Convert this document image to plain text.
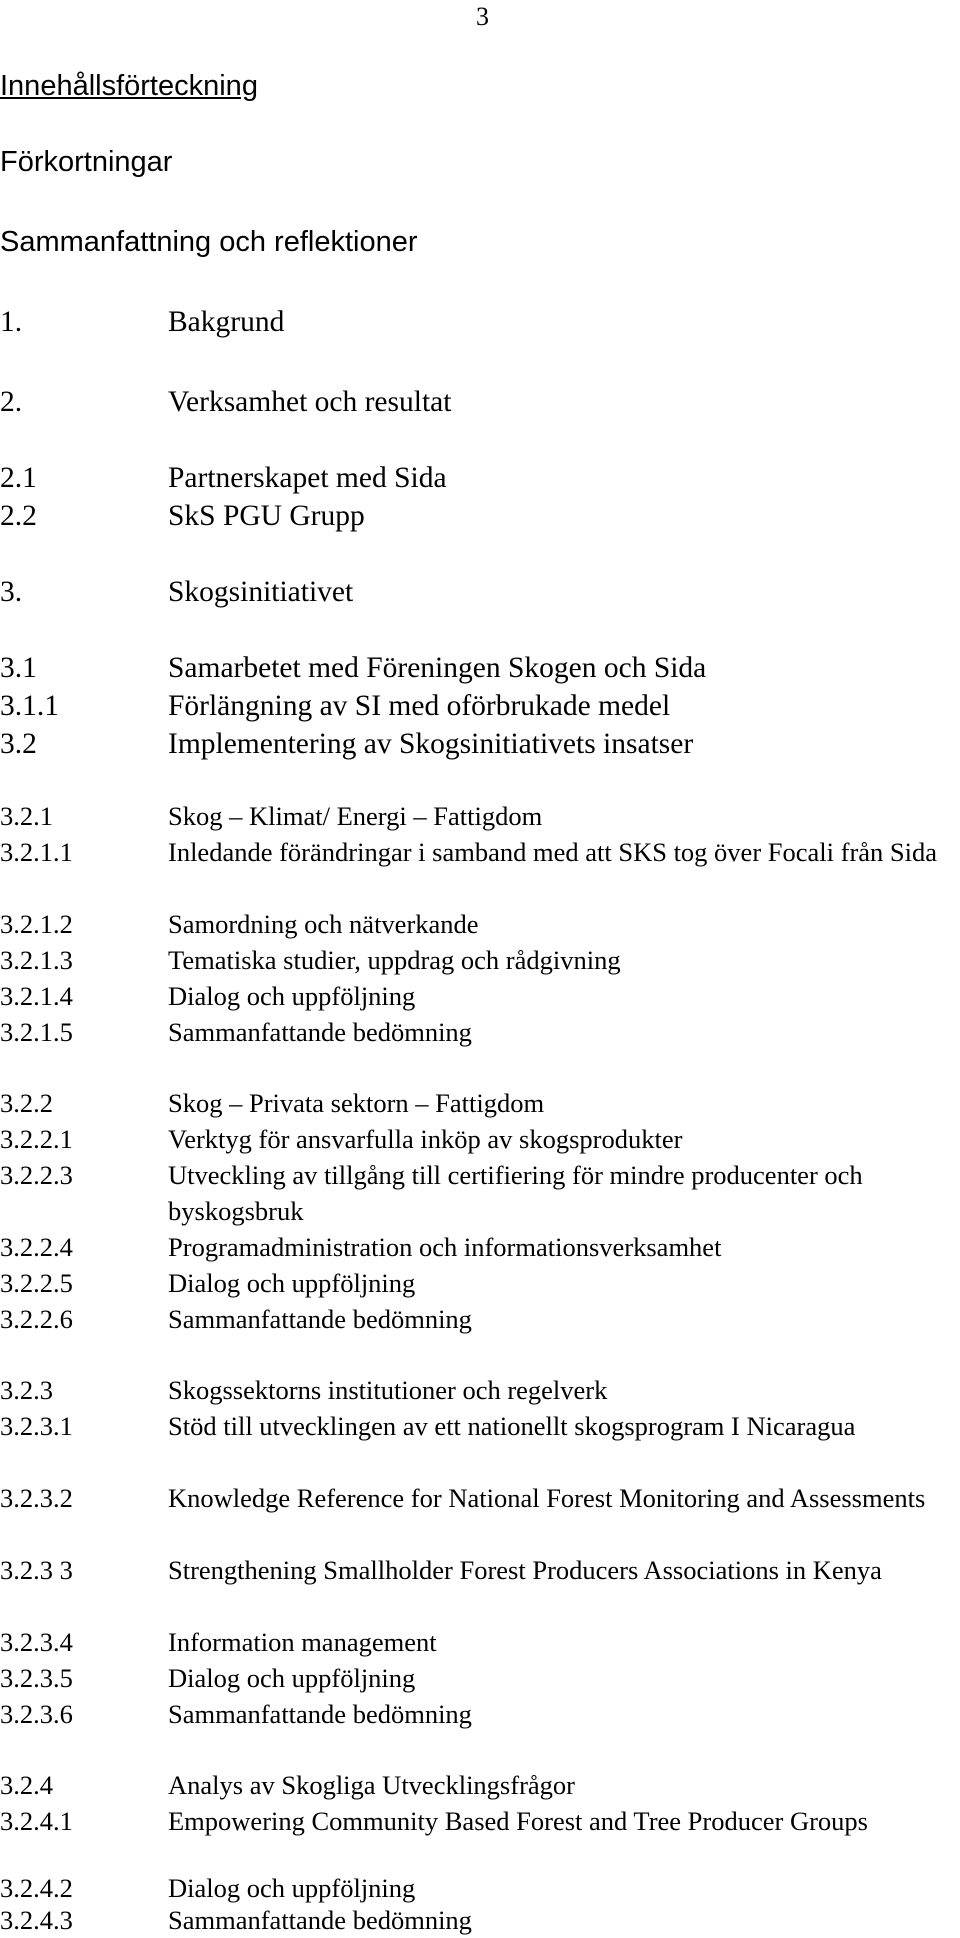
3
Innehållsförteckning
Förkortningar
Sammanfattning och reflektioner
1.	Bakgrund
2.	Verksamhet och resultat
2.1	Partnerskapet med Sida
2.2	SkS PGU Grupp
3.	Skogsinitiativet
3.1	Samarbetet med Föreningen Skogen och Sida
3.1.1	Förlängning av SI med oförbrukade medel
3.2	Implementering av Skogsinitiativets insatser
3.2.1	Skog – Klimat/ Energi – Fattigdom
3.2.1.1	Inledande förändringar i samband med att SKS tog över Focali från Sida
3.2.1.2	Samordning och nätverkande
3.2.1.3	Tematiska studier, uppdrag och rådgivning
3.2.1.4	Dialog och uppföljning
3.2.1.5	Sammanfattande bedömning
3.2.2	Skog – Privata sektorn – Fattigdom
3.2.2.1	Verktyg för ansvarfulla inköp av skogsprodukter
3.2.2.3	Utveckling av tillgång till certifiering för mindre producenter och byskogsbruk
3.2.2.4	Programadministration och informationsverksamhet
3.2.2.5	Dialog och uppföljning
3.2.2.6	Sammanfattande bedömning
3.2.3	Skogssektorns institutioner och regelverk
3.2.3.1	Stöd till utvecklingen av ett nationellt skogsprogram I Nicaragua
3.2.3.2	Knowledge Reference for National Forest Monitoring and Assessments
3.2.3 3	Strengthening Smallholder Forest Producers Associations in Kenya
3.2.3.4	Information management
3.2.3.5	Dialog och uppföljning
3.2.3.6	Sammanfattande bedömning
3.2.4	Analys av Skogliga Utvecklingsfrågor
3.2.4.1	Empowering Community Based Forest and Tree Producer Groups
3.2.4.2	Dialog och uppföljning
3.2.4.3	Sammanfattande bedömning
